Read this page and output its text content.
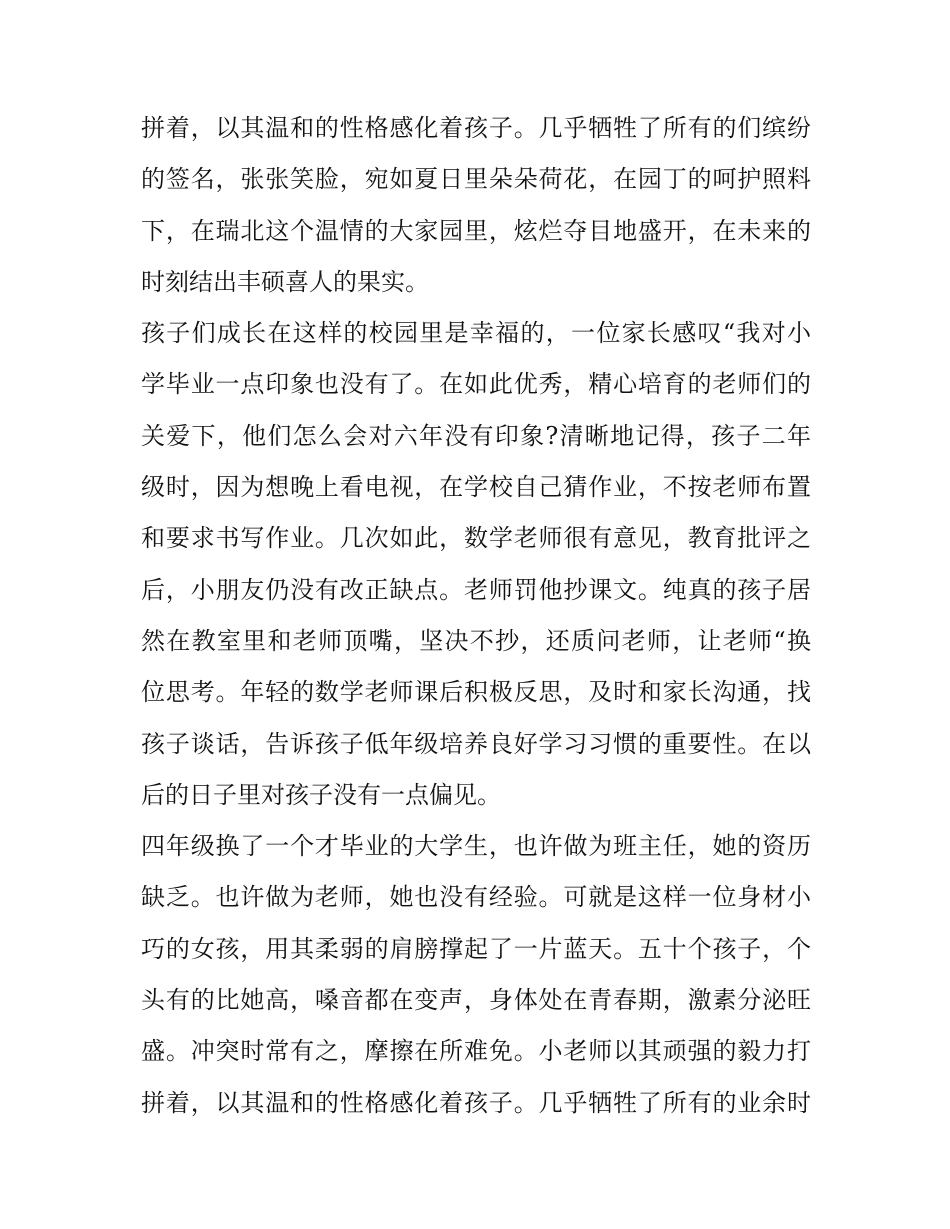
拼着，以其温和的性格感化着孩子。几乎牺牲了所有的们缤纷
的签名，张张笑脸，宛如夏日里朵朵荷花，在园丁的呵护照料
下，在瑞北这个温情的大家园里，炫烂夺目地盛开，在未来的
时刻结出丰硕喜人的果实。
孩子们成长在这样的校园里是幸福的，一位家长感叹“我对小
学毕业一点印象也没有了。在如此优秀，精心培育的老师们的
关爱下，他们怎么会对六年没有印象?清晰地记得，孩子二年
级时，因为想晚上看电视，在学校自己猜作业，不按老师布置
和要求书写作业。几次如此，数学老师很有意见，教育批评之
后，小朋友仍没有改正缺点。老师罚他抄课文。纯真的孩子居
然在教室里和老师顶嘴，坚决不抄，还质问老师，让老师“换
位思考。年轻的数学老师课后积极反思，及时和家长沟通，找
孩子谈话，告诉孩子低年级培养良好学习习惯的重要性。在以
后的日子里对孩子没有一点偏见。
四年级换了一个才毕业的大学生，也许做为班主任，她的资历
缺乏。也许做为老师，她也没有经验。可就是这样一位身材小
巧的女孩，用其柔弱的肩膀撑起了一片蓝天。五十个孩子，个
头有的比她高，嗓音都在变声，身体处在青春期，激素分泌旺
盛。冲突时常有之，摩擦在所难免。小老师以其顽强的毅力打
拼着，以其温和的性格感化着孩子。几乎牺牲了所有的业余时
